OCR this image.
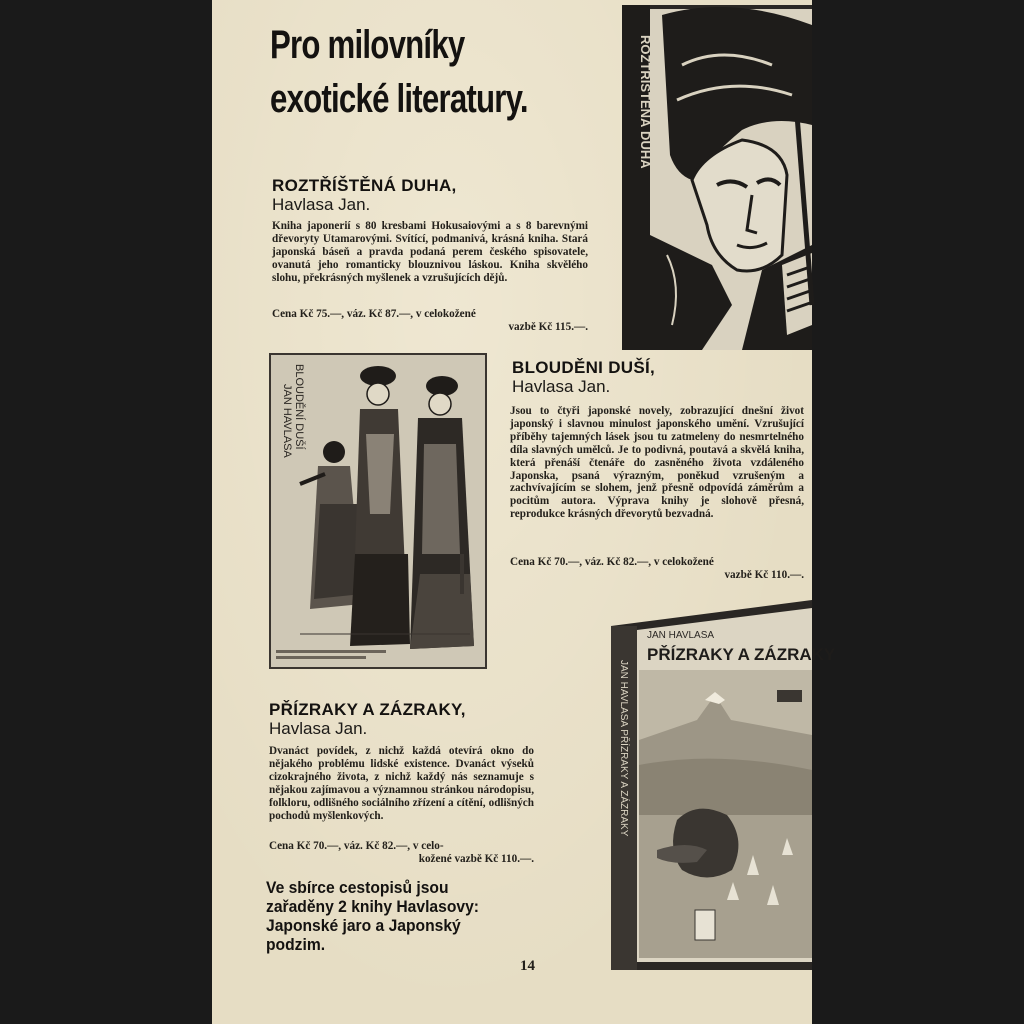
Pro milovníky
exotické literatury.	ROZTŘÍŠTĚNÁ DUHA
ROZTŘÍŠTĚNÁ DUHA,
Havlasa Jan.
Kniha japonerií s 80 kresbami Hokusaiovými a s 8 barevnými dřevoryty Utamarovými. Svítící, podmanivá, krásná kniha. Stará japonská báseň a pravda podaná perem českého spisovatele, ovanutá jeho romanticky blouznivou láskou. Kniha skvělého slohu, překrásných myšlenek a vzrušujících dějů.
Cena Kč 75.—, váz. Kč 87.—, v celokožené
vazbě Kč 115.—.
BLOUDĚNÍ DUŠÍ
JAN HAVLASA
BLOUDĚNI DUŠÍ,
Havlasa Jan.
Jsou to čtyři japonské novely, zobrazující dnešní život japonský i slavnou minulost japonského umění. Vzrušující příběhy tajemných lásek jsou tu zatmeleny do nesmrtelného díla slavných umělců. Je to podivná, poutavá a skvělá kniha, která přenáší čtenáře do zasněného života vzdáleného Japonska, psaná výrazným, poněkud vzrušeným a zachvívajícím se slohem, jenž přesně odpovídá záměrům a pocitům autora. Výprava knihy je slohově přesná, reprodukce krásných dřevorytů bezvadná.
Cena Kč 70.—, váz. Kč 82.—, v celokožené
vazbě Kč 110.—.
JAN HAVLASA PŘÍZRAKY A ZÁZRAKY
JAN HAVLASA
PŘÍZRAKY A ZÁZRAKY
PŘÍZRAKY A ZÁZRAKY,
Havlasa Jan.
Dvanáct povídek, z nichž každá otevírá okno do nějakého problému lidské existence. Dvanáct výseků cizokrajného života, z nichž každý nás seznamuje s nějakou zajímavou a významnou stránkou národopisu, folkloru, odlišného sociálního zřízení a cítění, odlišných pochodů myšlenkových.
Cena Kč 70.—, váz. Kč 82.—, v celo-
kožené vazbě Kč 110.—.
Ve sbírce cestopisů jsou zařaděny 2 knihy Havlasovy: Japonské jaro a Japonský podzim.
14
